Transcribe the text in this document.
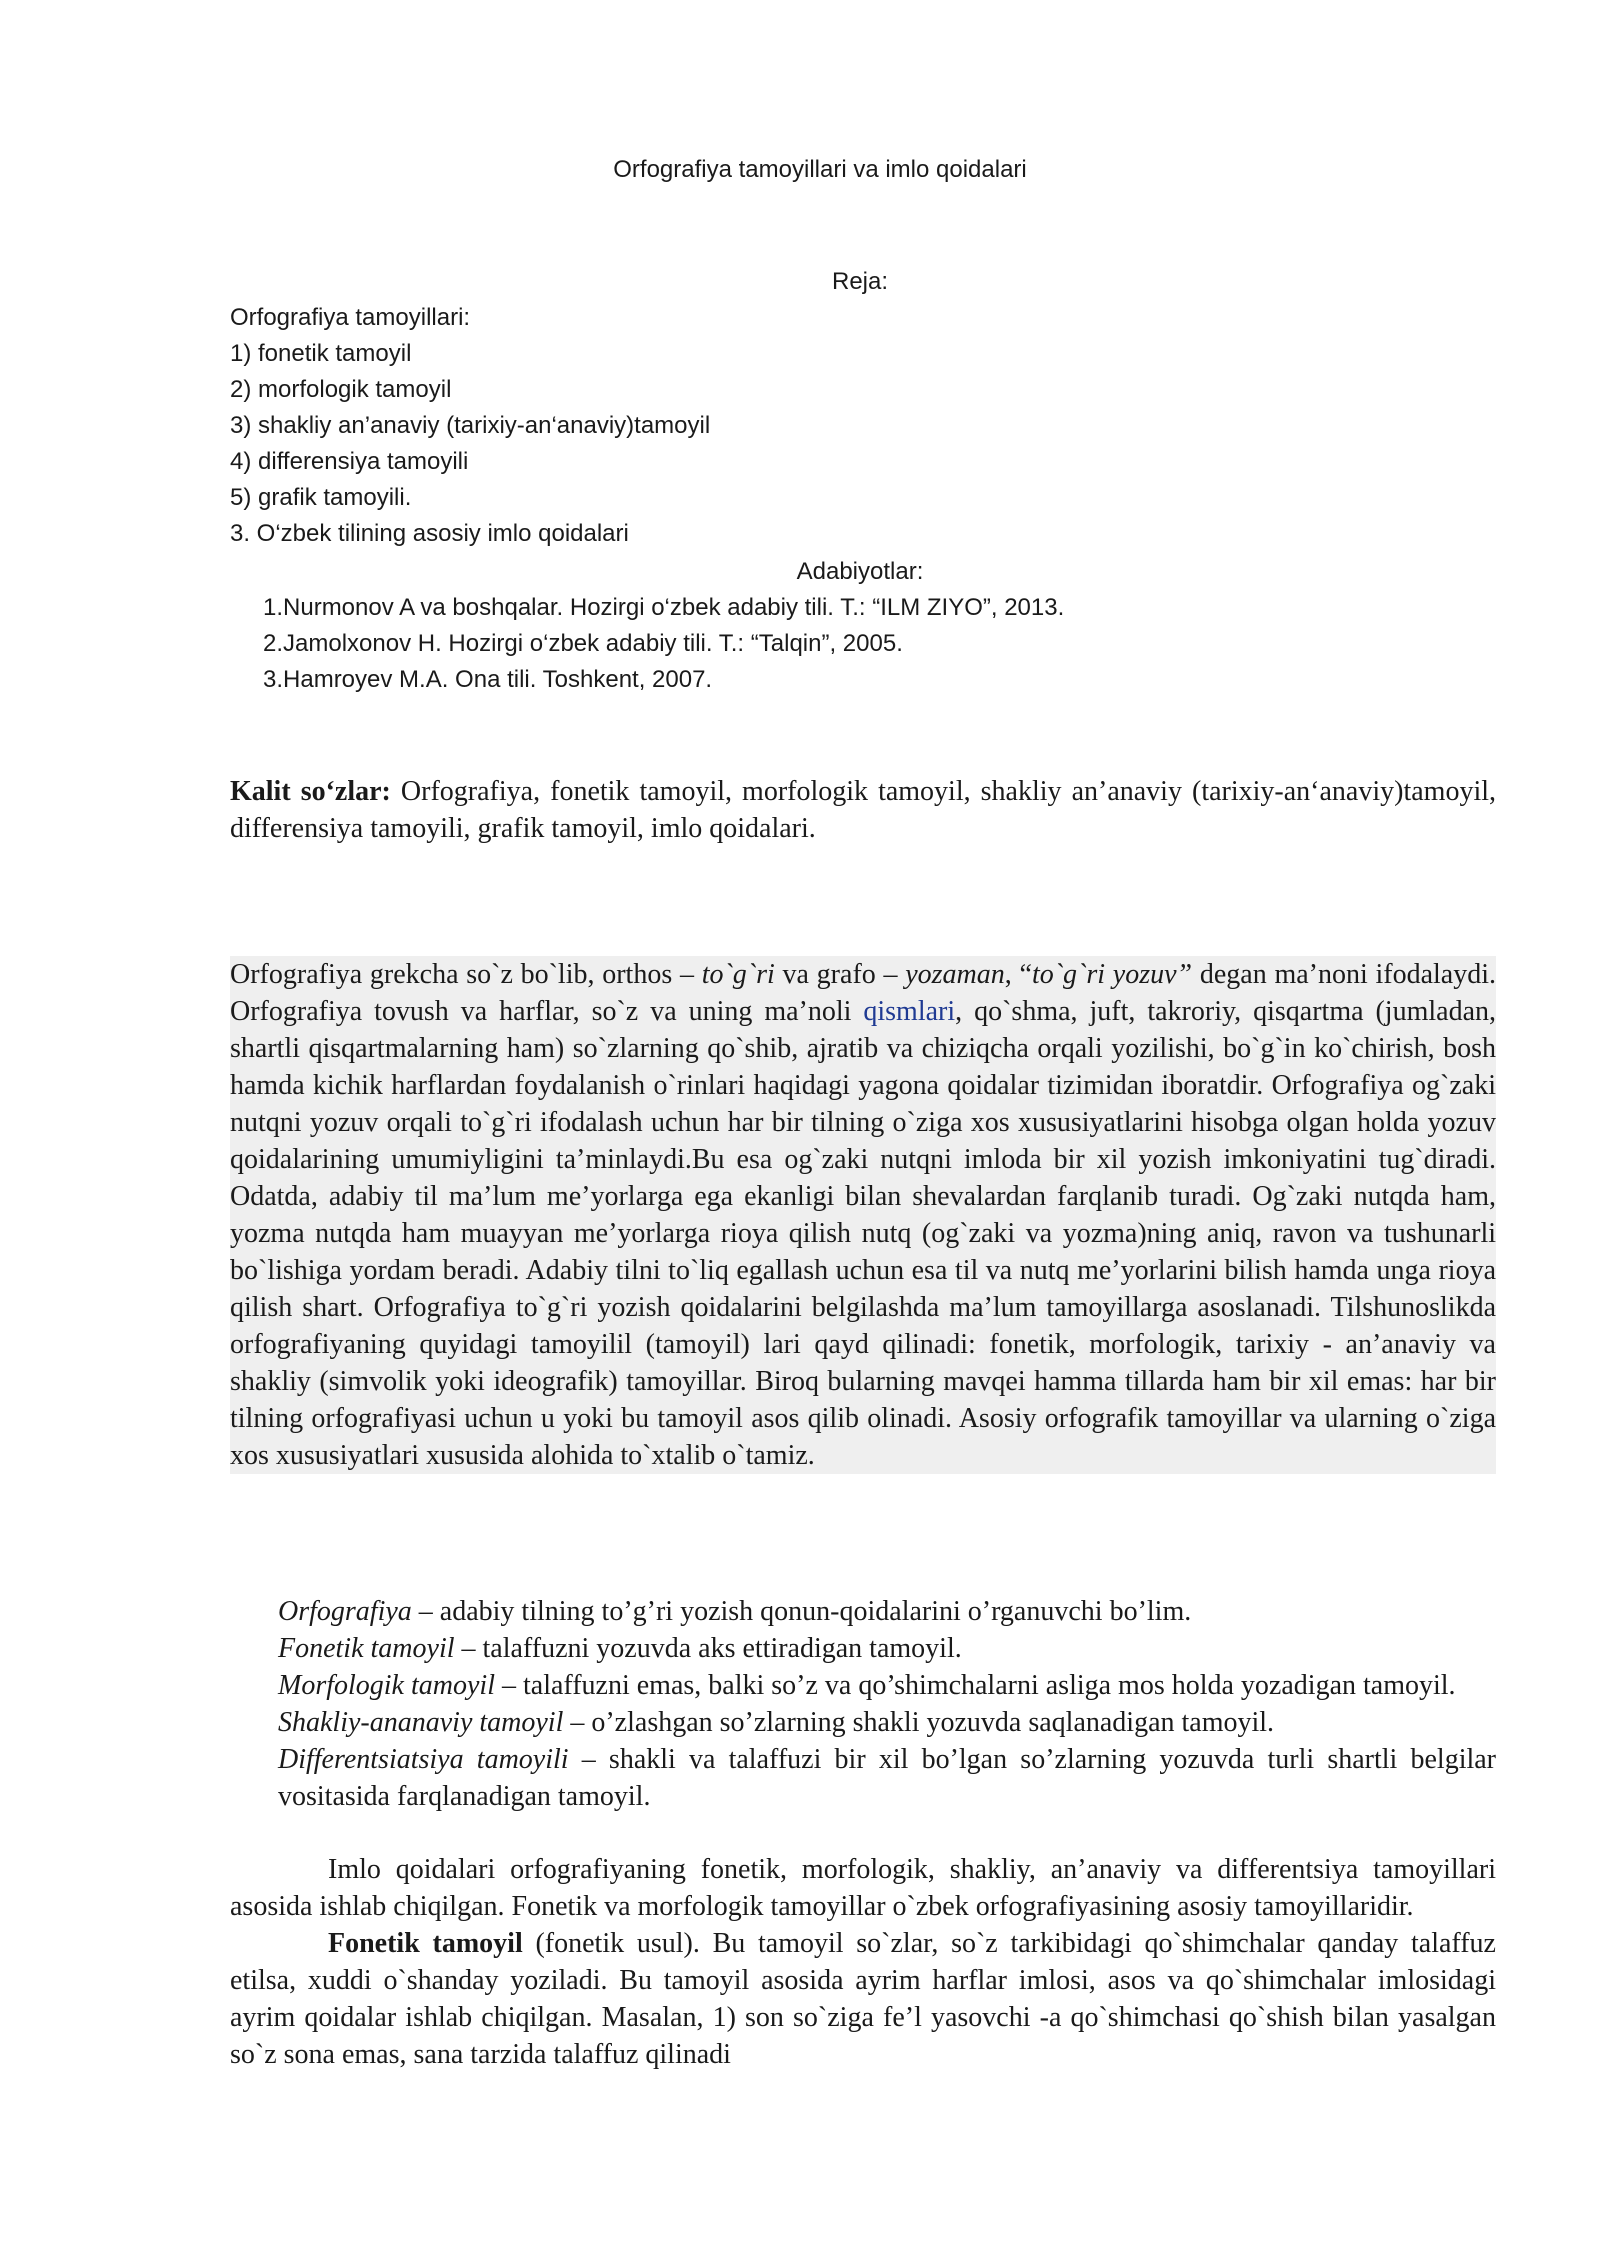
Orfografiya tamoyillari va imlo qoidalari
Reja:
Orfografiya tamoyillari:
1) fonetik tamoyil
2) morfologik tamoyil
3) shakliy an’anaviy (tarixiy-an‘anaviy)tamoyil
4) differensiya tamoyili
5) grafik tamoyili.
3. O‘zbek tilining asosiy imlo qoidalari
Adabiyotlar:
1.Nurmonov A va boshqalar. Hozirgi o‘zbek adabiy tili. T.: “ILM ZIYO”, 2013.
2.Jamolxonov H. Hozirgi o‘zbek adabiy tili. T.: “Talqin”, 2005.
3.Hamroyev M.A. Ona tili. Toshkent, 2007.
Kalit so‘zlar: Orfografiya, fonetik tamoyil, morfologik tamoyil, shakliy an’anaviy (tarixiy-an‘anaviy)tamoyil, differensiya tamoyili, grafik tamoyil, imlo qoidalari.
Orfografiya grekcha so`z bo`lib, orthos – to`g`ri va grafo – yozaman, “to`g`ri yozuv” degan ma’noni ifodalaydi. Orfografiya tovush va harflar, so`z va uning ma’noli qismlari, qo`shma, juft, takroriy, qisqartma (jumladan, shartli qisqartmalarning ham) so`zlarning qo`shib, ajratib va chiziqcha orqali yozilishi, bo`g`in ko`chirish, bosh hamda kichik harflardan foydalanish o`rinlari haqidagi yagona qoidalar tizimidan iboratdir. Orfografiya og`zaki nutqni yozuv orqali to`g`ri ifodalash uchun har bir tilning o`ziga xos xususiyatlarini hisobga olgan holda yozuv qoidalarining umumiyligini ta’minlaydi.Bu esa og`zaki nutqni imloda bir xil yozish imkoniyatini tug`diradi. Odatda, adabiy til ma’lum me’yorlarga ega ekanligi bilan shevalardan farqlanib turadi. Og`zaki nutqda ham, yozma nutqda ham muayyan me’yorlarga rioya qilish nutq (og`zaki va yozma)ning aniq, ravon va tushunarli bo`lishiga yordam beradi. Adabiy tilni to`liq egallash uchun esa til va nutq me’yorlarini bilish hamda unga rioya qilish shart. Orfografiya to`g`ri yozish qoidalarini belgilashda ma’lum tamoyillarga asoslanadi. Tilshunoslikda orfografiyaning quyidagi tamoyilil (tamoyil) lari qayd qilinadi: fonetik, morfologik, tarixiy - an’anaviy va shakliy (simvolik yoki ideografik) tamoyillar. Biroq bularning mavqei hamma tillarda ham bir xil emas: har bir tilning orfografiyasi uchun u yoki bu tamoyil asos qilib olinadi. Asosiy orfografik tamoyillar va ularning o`ziga xos xususiyatlari xususida alohida to`xtalib o`tamiz.

Orfografiya – adabiy tilning to’g’ri yozish qonun-qoidalarini o’rganuvchi bo’lim.

Fonetik tamoyil – talaffuzni yozuvda aks ettiradigan tamoyil.

Morfologik tamoyil – talaffuzni emas, balki so’z va qo’shimchalarni asliga mos holda yozadigan tamoyil.

Shakliy-ananaviy tamoyil – o’zlashgan so’zlarning shakli yozuvda saqlanadigan tamoyil.

Differentsiatsiya tamoyili – shakli va talaffuzi bir xil bo’lgan so’zlarning yozuvda turli shartli belgilar vositasida farqlanadigan tamoyil.

Imlo qoidalari orfografiyaning fonetik, morfologik, shakliy, an’anaviy va differentsiya tamoyillari asosida ishlab chiqilgan. Fonetik va morfologik tamoyillar o`zbek orfografiyasining asosiy tamoyillaridir.

Fonetik tamoyil (fonetik usul). Bu tamoyil so`zlar, so`z tarkibidagi qo`shimchalar qanday talaffuz etilsa, xuddi o`shanday yoziladi. Bu tamoyil asosida ayrim harflar imlosi, asos va qo`shimchalar imlosidagi ayrim qoidalar ishlab chiqilgan. Masalan, 1) son so`ziga fe’l yasovchi -a qo`shimchasi qo`shish bilan yasalgan so`z sona emas, sana tarzida talaffuz qilinadi
